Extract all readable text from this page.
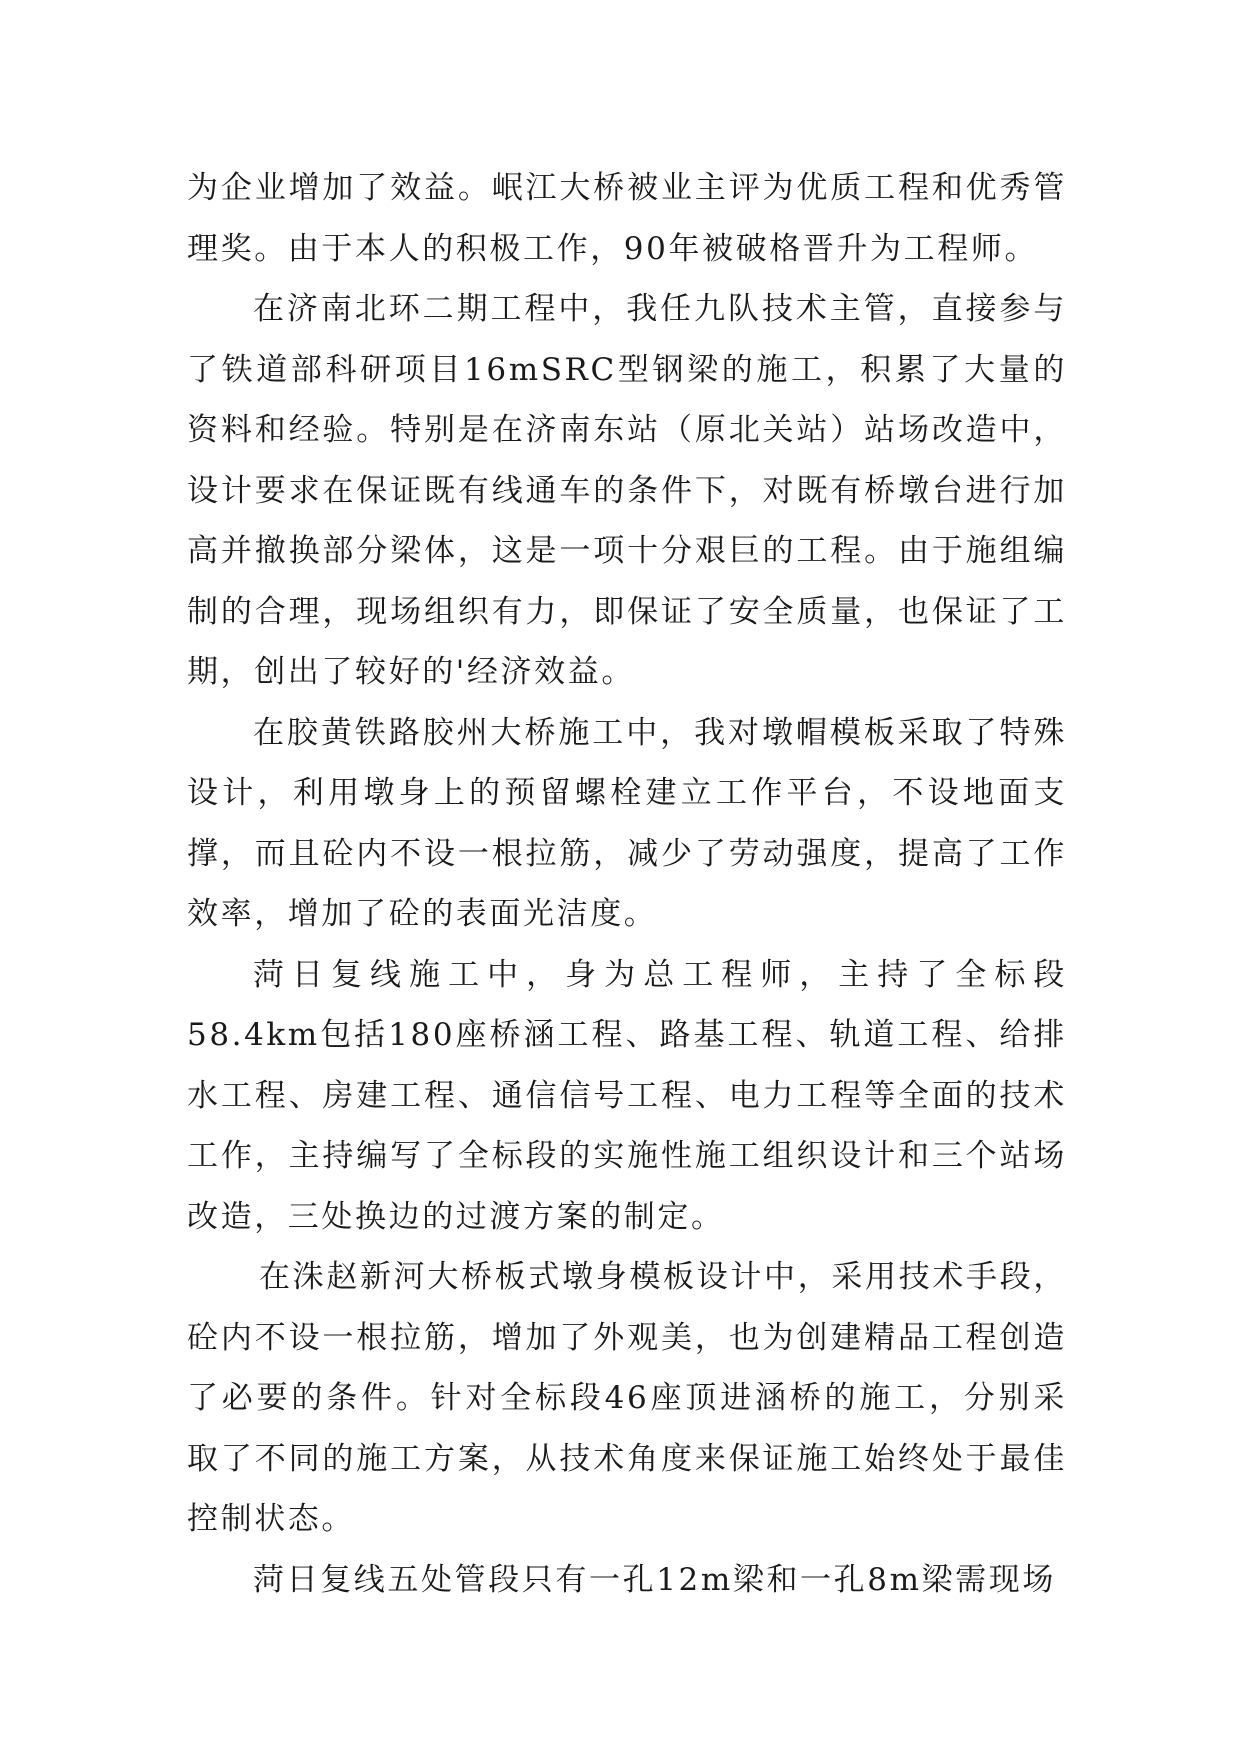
为企业增加了效益。岷江大桥被业主评为优质工程和优秀管理奖。由于本人的积极工作，90年被破格晋升为工程师。

在济南北环二期工程中，我任九队技术主管，直接参与了铁道部科研项目16mSRC型钢梁的施工，积累了大量的资料和经验。特别是在济南东站（原北关站）站场改造中，设计要求在保证既有线通车的条件下，对既有桥墩台进行加高并撤换部分梁体，这是一项十分艰巨的工程。由于施组编制的合理，现场组织有力，即保证了安全质量，也保证了工期，创出了较好的'经济效益。

在胶黄铁路胶州大桥施工中，我对墩帽模板采取了特殊设计，利用墩身上的预留螺栓建立工作平台，不设地面支撑，而且砼内不设一根拉筋，减少了劳动强度，提高了工作效率，增加了砼的表面光洁度。

菏日复线施工中，身为总工程师，主持了全标段58.4km包括180座桥涵工程、路基工程、轨道工程、给排水工程、房建工程、通信信号工程、电力工程等全面的技术工作，主持编写了全标段的实施性施工组织设计和三个站场改造，三处换边的过渡方案的制定。

在洙赵新河大桥板式墩身模板设计中，采用技术手段，砼内不设一根拉筋，增加了外观美，也为创建精品工程创造了必要的条件。针对全标段46座顶进涵桥的施工，分别采取了不同的施工方案，从技术角度来保证施工始终处于最佳控制状态。

菏日复线五处管段只有一孔12m梁和一孔8m梁需现场
